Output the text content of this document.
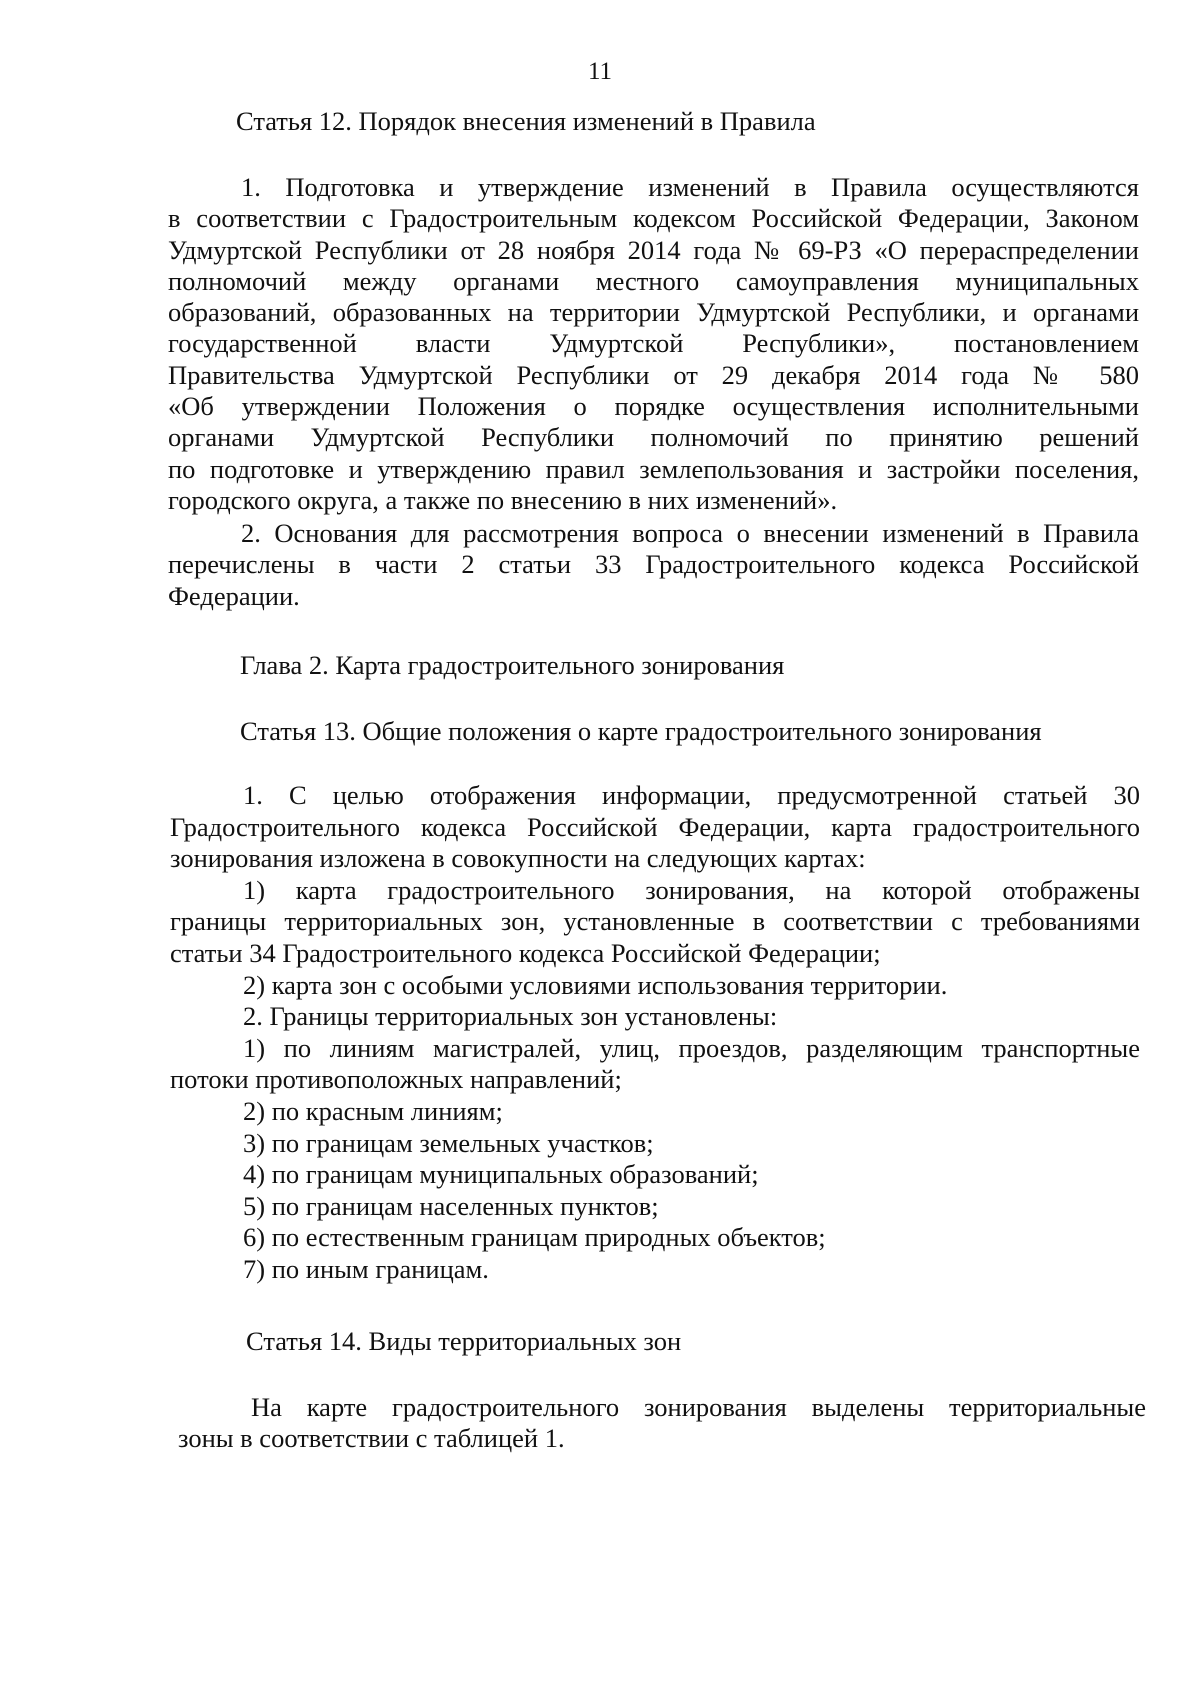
11
Статья 12. Порядок внесения изменений в Правила
1. Подготовка и утверждение изменений в Правила осуществляются
в соответствии с Градостроительным кодексом Российской Федерации, Законом
Удмуртской Республики от 28 ноября 2014 года № 69-РЗ «О перераспределении
полномочий между органами местного самоуправления муниципальных
образований, образованных на территории Удмуртской Республики, и органами
государственной власти Удмуртской Республики», постановлением
Правительства Удмуртской Республики от 29 декабря 2014 года № 580
«Об утверждении Положения о порядке осуществления исполнительными
органами Удмуртской Республики полномочий по принятию решений
по подготовке и утверждению правил землепользования и застройки поселения,
городского округа, а также по внесению в них изменений».
2. Основания для рассмотрения вопроса о внесении изменений в Правила
перечислены в части 2 статьи 33 Градостроительного кодекса Российской
Федерации.
Глава 2. Карта градостроительного зонирования
Статья 13. Общие положения о карте градостроительного зонирования
1. С целью отображения информации, предусмотренной статьей 30
Градостроительного кодекса Российской Федерации, карта градостроительного
зонирования изложена в совокупности на следующих картах:
1) карта градостроительного зонирования, на которой отображены
границы территориальных зон, установленные в соответствии с требованиями
статьи 34 Градостроительного кодекса Российской Федерации;
2) карта зон с особыми условиями использования территории.
2. Границы территориальных зон установлены:
1) по линиям магистралей, улиц, проездов, разделяющим транспортные
потоки противоположных направлений;
2) по красным линиям;
3) по границам земельных участков;
4) по границам муниципальных образований;
5) по границам населенных пунктов;
6) по естественным границам природных объектов;
7) по иным границам.
Статья 14. Виды территориальных зон
На карте градостроительного зонирования выделены территориальные
зоны в соответствии с таблицей 1.
